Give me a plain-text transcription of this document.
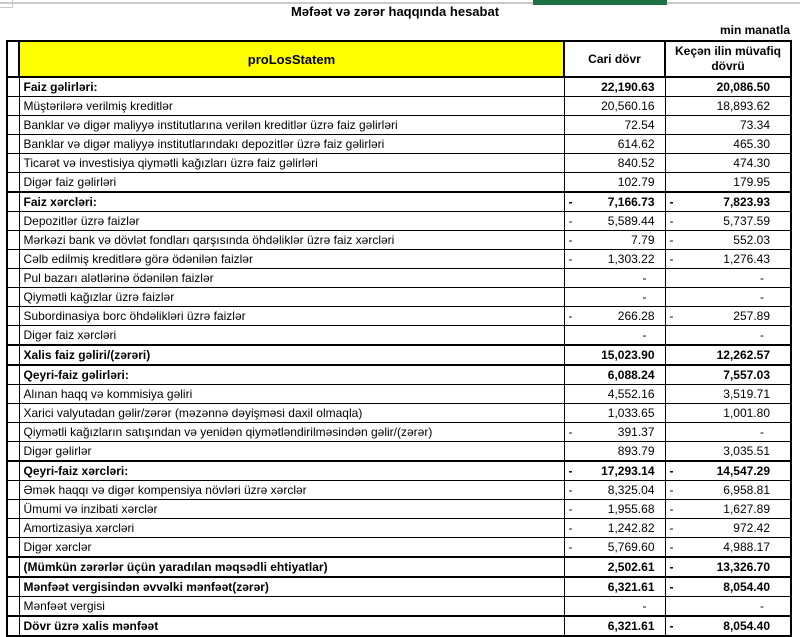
Məfəət və zərər haqqında hesabat
min manatla
	proLosStatem	Cari dövr	Keçən ilin müvafiq dövrü
	Faiz gəlirləri:	22,190.63	20,086.50
	Müştərilərə verilmiş kreditlər	20,560.16	18,893.62
	Banklar və digər maliyyə institutlarına verilən kreditlər üzrə faiz gəlirləri	72.54	73.34
	Banklar və digər maliyyə institutlarındakı depozitlər üzrə faiz gəlirləri	614.62	465.30
	Ticarət və investisiya qiymətli kağızları üzrə faiz gəlirləri	840.52	474.30
	Digər faiz gəlirləri	102.79	179.95
	Faiz xərcləri:	- 7,166.73	- 7,823.93
	Depozitlər üzrə faizlər	- 5,589.44	- 5,737.59
	Mərkəzi bank və dövlət fondları qarşısında öhdəliklər üzrə faiz xərcləri	- 7.79	- 552.03
	Cəlb edilmiş kreditlərə görə ödənilən faizlər	- 1,303.22	- 1,276.43
	Pul bazarı alətlərinə ödənilən faizlər	-	-
	Qiymətli kağızlar üzrə faizlər	-	-
	Subordinasiya borc öhdəlikləri üzrə faizlər	- 266.28	- 257.89
	Digər faiz xərcləri	-	-
	Xalis faiz gəliri/(zərəri)	15,023.90	12,262.57
	Qeyri-faiz gəlirləri:	6,088.24	7,557.03
	Alınan haqq və kommisiya gəliri	4,552.16	3,519.71
	Xarici valyutadan gəlir/zərər (məzənnə dəyişməsi daxil olmaqla)	1,033.65	1,001.80
	Qiymətli kağızların satışından və yenidən qiymətləndirilməsindən gəlir/(zərər)	- 391.37	-
	Digər gəlirlər	893.79	3,035.51
	Qeyri-faiz xərcləri:	- 17,293.14	- 14,547.29
	Əmək haqqı və digər kompensiya növləri üzrə xərclər	- 8,325.04	- 6,958.81
	Ümumi və inzibati xərclər	- 1,955.68	- 1,627.89
	Amortizasiya xərcləri	- 1,242.82	- 972.42
	Digər xərclər	- 5,769.60	- 4,988.17
	(Mümkün zərərlər üçün yaradılan məqsədli ehtiyatlar)	2,502.61	- 13,326.70
	Mənfəət vergisindən əvvəlki mənfəət(zərər)	6,321.61	- 8,054.40
	Mənfəət vergisi	-	-
	Dövr üzrə xalis mənfəət	6,321.61	- 8,054.40
